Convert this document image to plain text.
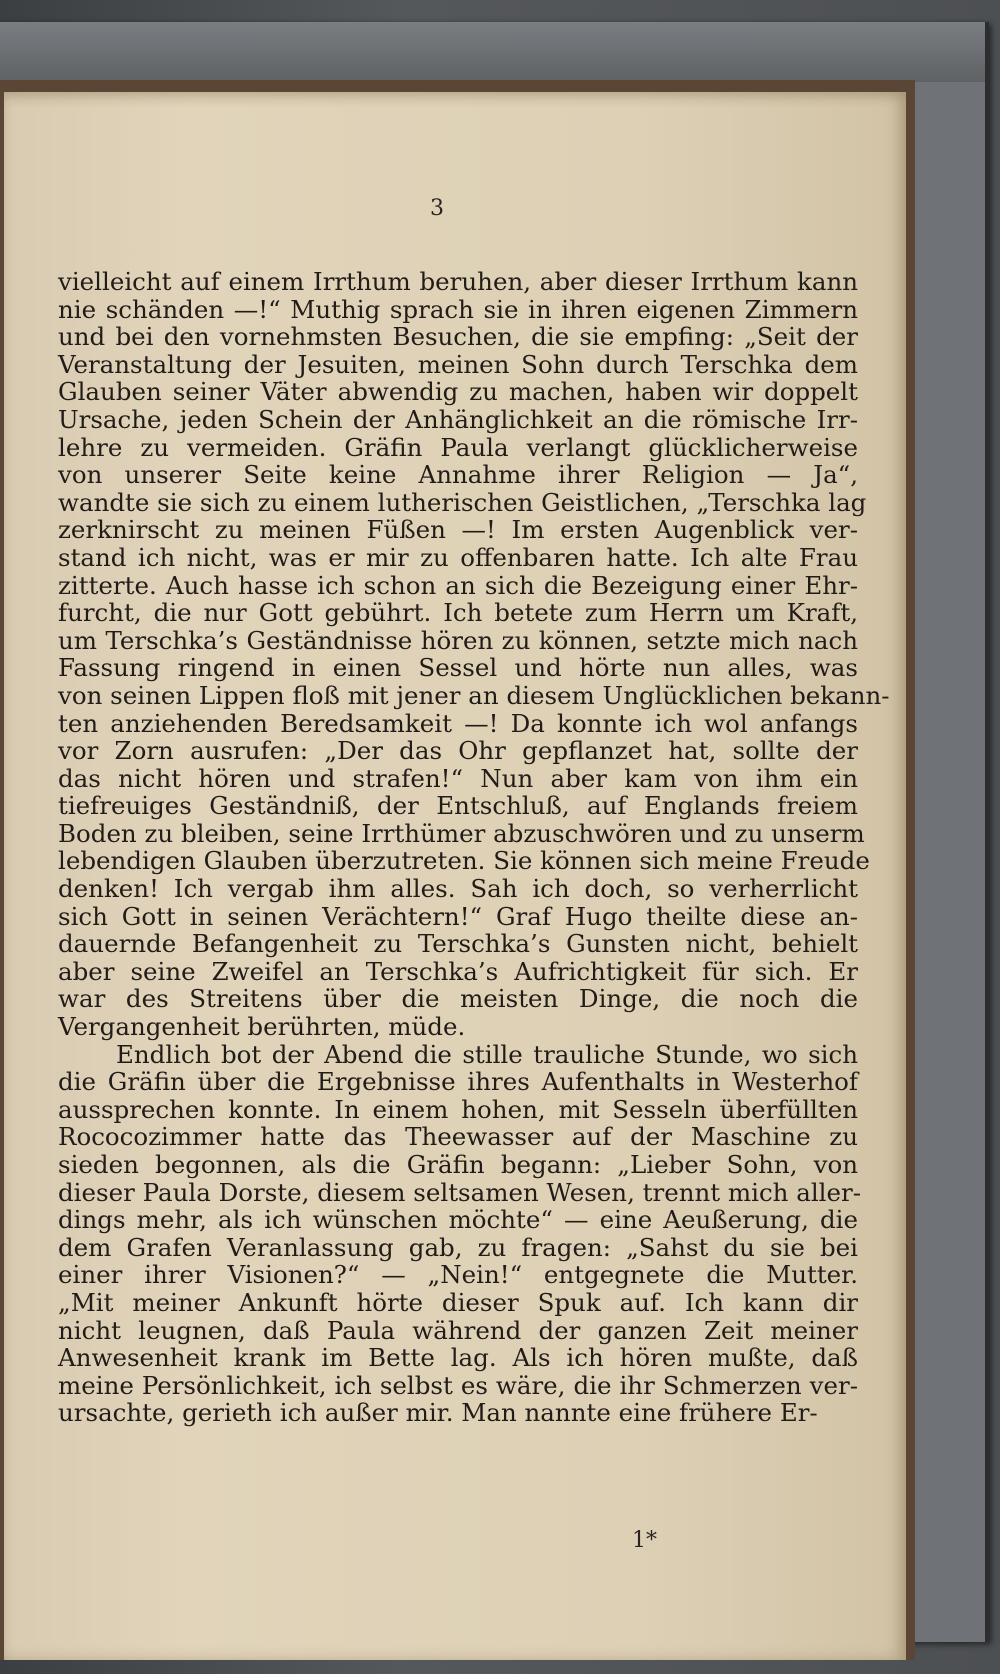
3
vielleicht auf einem Irrthum beruhen, aber dieser Irrthum kann
nie schänden —!“ Muthig sprach sie in ihren eigenen Zimmern
und bei den vornehmsten Besuchen, die sie empfing: „Seit der
Veranstaltung der Jesuiten, meinen Sohn durch Terschka dem
Glauben seiner Väter abwendig zu machen, haben wir doppelt
Ursache, jeden Schein der Anhänglichkeit an die römische Irr-
lehre zu vermeiden. Gräfin Paula verlangt glücklicherweise
von unserer Seite keine Annahme ihrer Religion — Ja“,
wandte sie sich zu einem lutherischen Geistlichen, „Terschka lag
zerknirscht zu meinen Füßen —! Im ersten Augenblick ver-
stand ich nicht, was er mir zu offenbaren hatte. Ich alte Frau
zitterte. Auch hasse ich schon an sich die Bezeigung einer Ehr-
furcht, die nur Gott gebührt. Ich betete zum Herrn um Kraft,
um Terschka’s Geständnisse hören zu können, setzte mich nach
Fassung ringend in einen Sessel und hörte nun alles, was
von seinen Lippen floß mit jener an diesem Unglücklichen bekann-
ten anziehenden Beredsamkeit —! Da konnte ich wol anfangs
vor Zorn ausrufen: „Der das Ohr gepflanzet hat, sollte der
das nicht hören und strafen!“ Nun aber kam von ihm ein
tiefreuiges Geständniß, der Entschluß, auf Englands freiem
Boden zu bleiben, seine Irrthümer abzuschwören und zu unserm
lebendigen Glauben überzutreten. Sie können sich meine Freude
denken! Ich vergab ihm alles. Sah ich doch, so verherrlicht
sich Gott in seinen Verächtern!“ Graf Hugo theilte diese an-
dauernde Befangenheit zu Terschka’s Gunsten nicht, behielt
aber seine Zweifel an Terschka’s Aufrichtigkeit für sich. Er
war des Streitens über die meisten Dinge, die noch die
Vergangenheit berührten, müde.
Endlich bot der Abend die stille trauliche Stunde, wo sich
die Gräfin über die Ergebnisse ihres Aufenthalts in Westerhof
aussprechen konnte. In einem hohen, mit Sesseln überfüllten
Rococozimmer hatte das Theewasser auf der Maschine zu
sieden begonnen, als die Gräfin begann: „Lieber Sohn, von
dieser Paula Dorste, diesem seltsamen Wesen, trennt mich aller-
dings mehr, als ich wünschen möchte“ — eine Aeußerung, die
dem Grafen Veranlassung gab, zu fragen: „Sahst du sie bei
einer ihrer Visionen?“ — „Nein!“ entgegnete die Mutter.
„Mit meiner Ankunft hörte dieser Spuk auf. Ich kann dir
nicht leugnen, daß Paula während der ganzen Zeit meiner
Anwesenheit krank im Bette lag. Als ich hören mußte, daß
meine Persönlichkeit, ich selbst es wäre, die ihr Schmerzen ver-
ursachte, gerieth ich außer mir. Man nannte eine frühere Er-
1*
